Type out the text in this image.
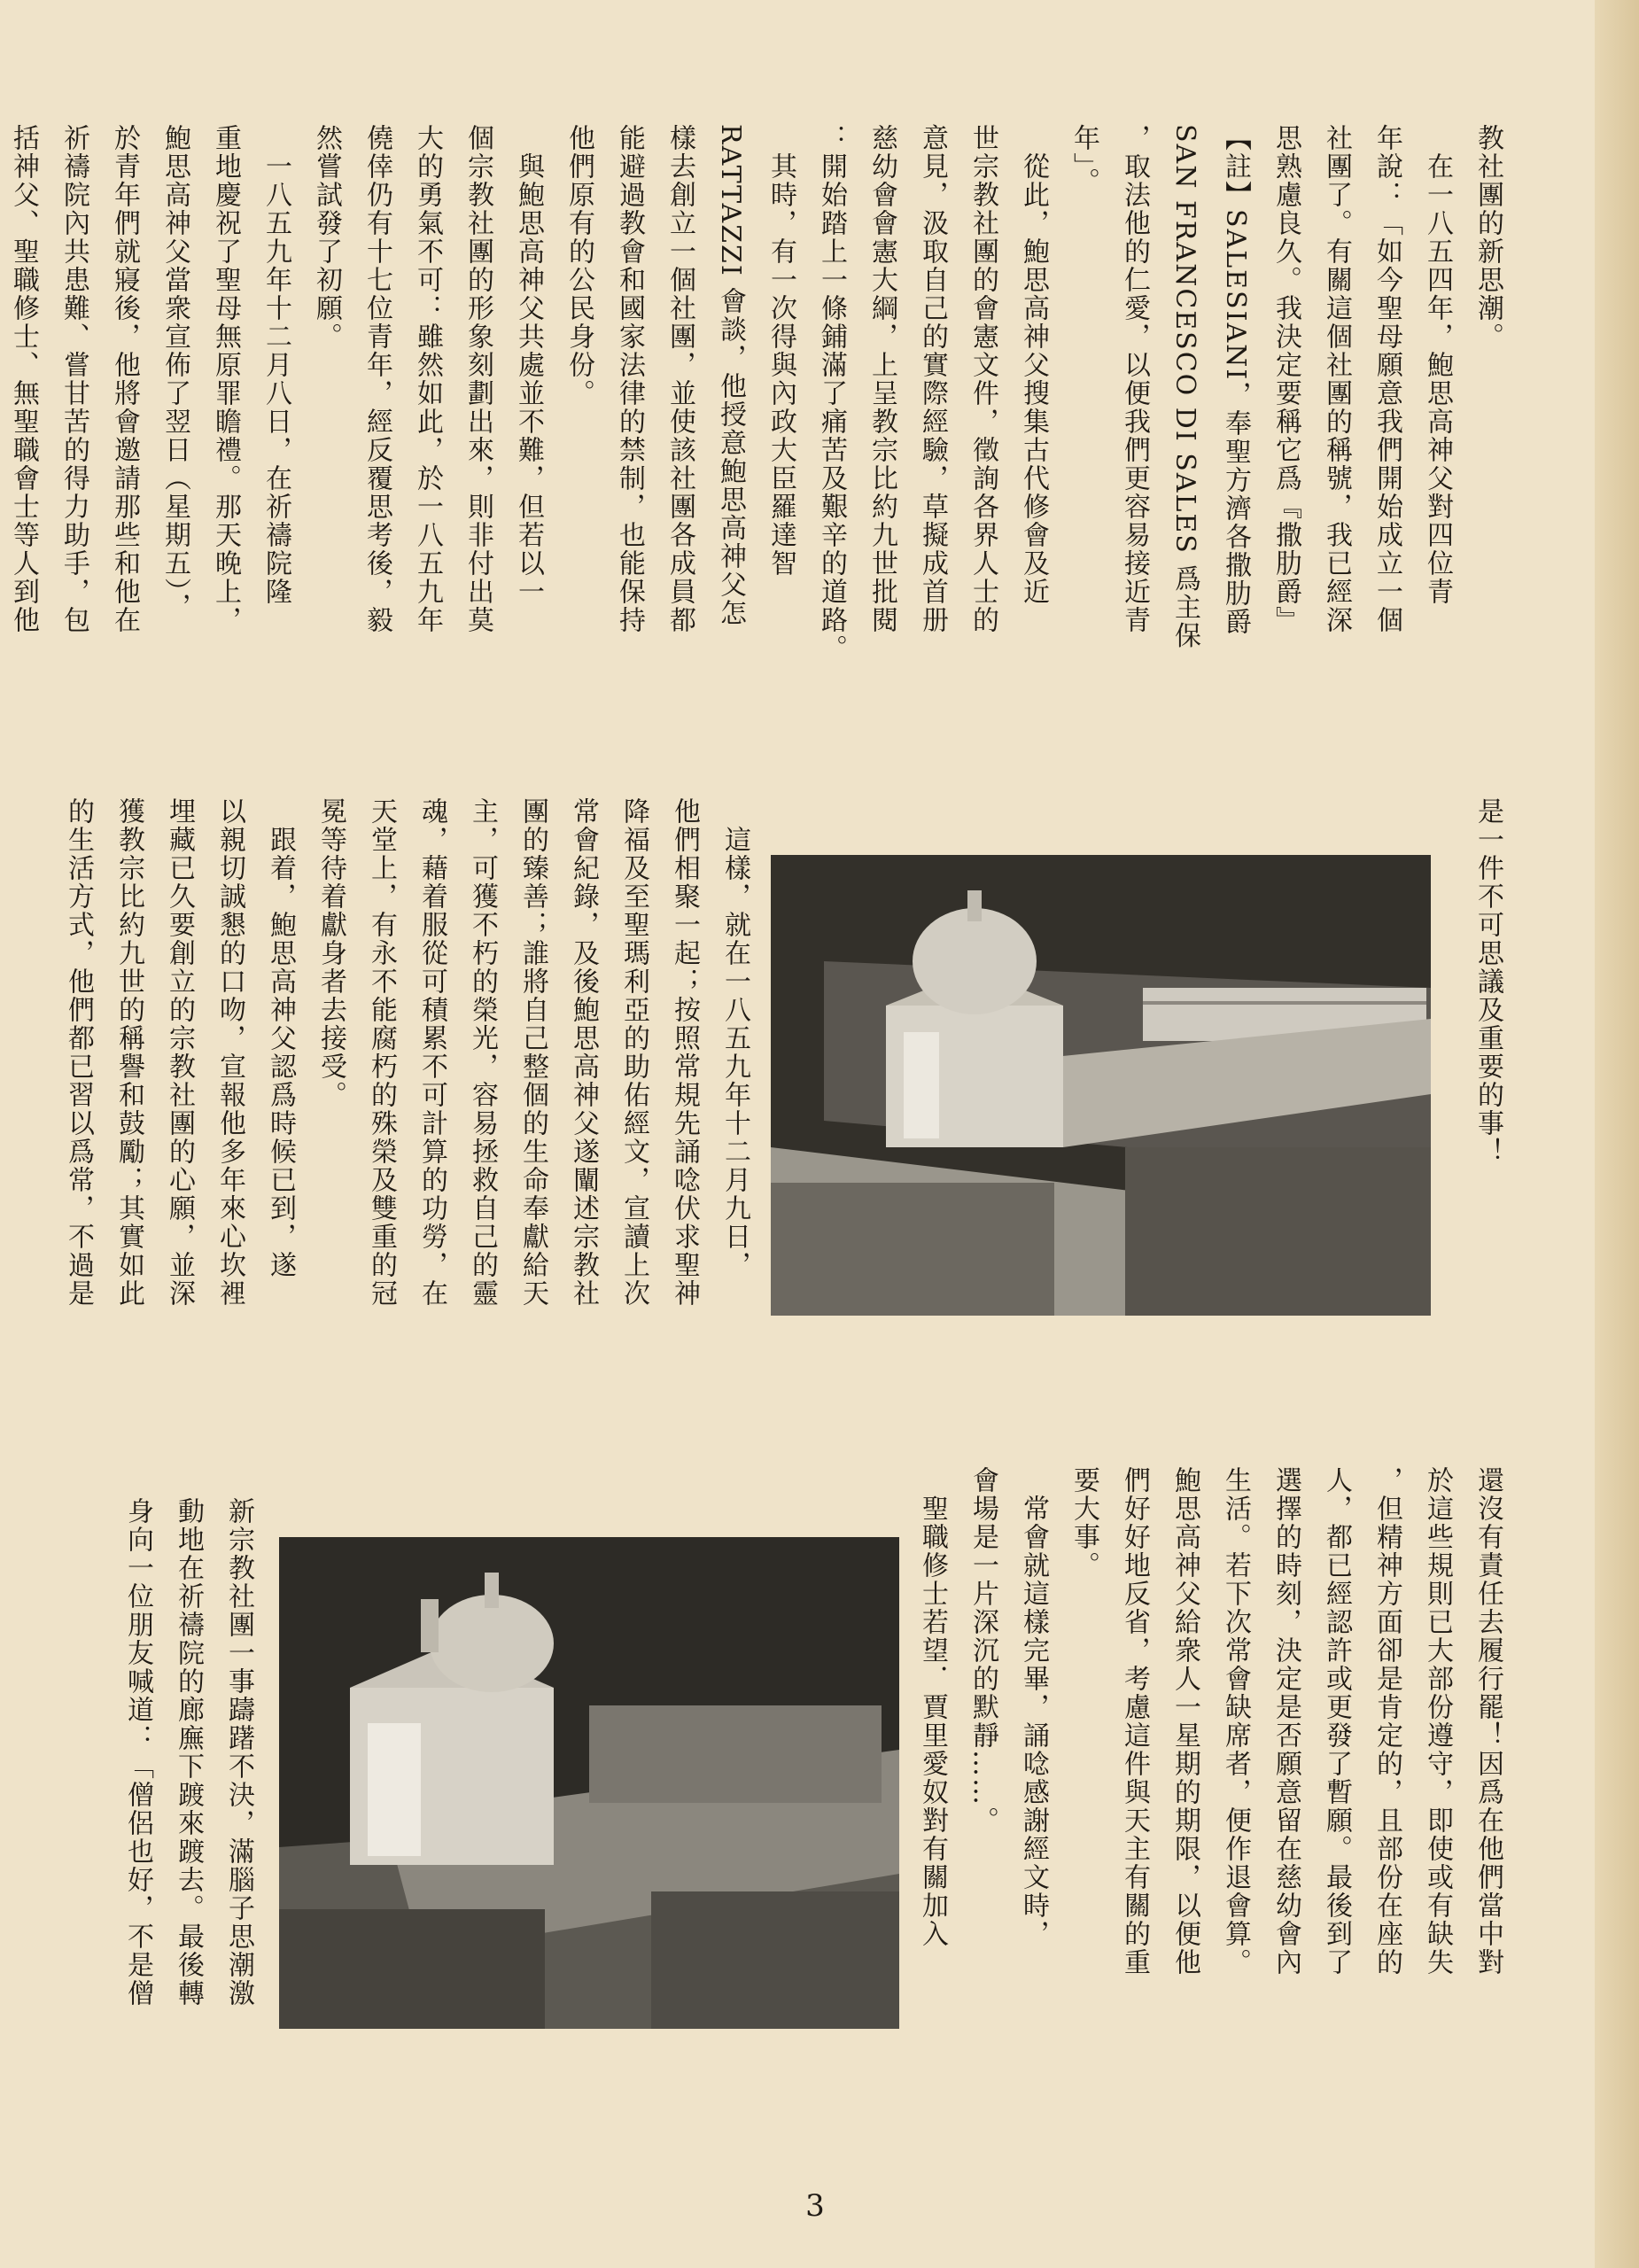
教社團的新思潮。
　在一八五四年，鮑思高神父對四位青
年說：「如今聖母願意我們開始成立一個
社團了。有關這個社團的稱號，我已經深
思熟慮良久。我決定要稱它爲『撒肋爵』
【註】SALESIANI，奉聖方濟各撒肋爵
SAN FRANCESCO DI SALES 爲主保
，取法他的仁愛，以便我們更容易接近青
年」。
　從此，鮑思高神父搜集古代修會及近
世宗教社團的會憲文件，徵詢各界人士的
意見，汲取自己的實際經驗，草擬成首册
慈幼會會憲大綱，上呈教宗比約九世批閱
：開始踏上一條鋪滿了痛苦及艱辛的道路。
　其時，有一次得與內政大臣羅達智
RATTAZZI 會談，他授意鮑思高神父怎
樣去創立一個社團，並使該社團各成員都
能避過教會和國家法律的禁制，也能保持
他們原有的公民身份。
　與鮑思高神父共處並不難，但若以一
個宗教社團的形象刻劃出來，則非付出莫
大的勇氣不可：雖然如此，於一八五九年
僥倖仍有十七位青年，經反覆思考後，毅
然嘗試發了初願。
　一八五九年十二月八日，在祈禱院隆
重地慶祝了聖母無原罪瞻禮。那天晚上，
鮑思高神父當衆宣佈了翌日（星期五），
於青年們就寢後，他將會邀請那些和他在
祈禱院內共患難、嘗甘苦的得力助手，包
括神父、聖職修士、無聖職會士等人到他

是一件不可思議及重要的事！
　這樣，就在一八五九年十二月九日，
他們相聚一起；按照常規先誦唸伏求聖神
降福及至聖瑪利亞的助佑經文，宣讀上次
常會紀錄，及後鮑思高神父遂闡述宗教社
團的臻善；誰將自己整個的生命奉獻給天
主，可獲不朽的榮光，容易拯救自己的靈
魂，藉着服從可積累不可計算的功勞，在
天堂上，有永不能腐朽的殊榮及雙重的冠
冕等待着獻身者去接受。
　跟着，鮑思高神父認爲時候已到，遂
以親切誠懇的口吻，宣報他多年來心坎裡
埋藏已久要創立的宗教社團的心願，並深
獲教宗比約九世的稱譽和鼓勵；其實如此
的生活方式，他們都已習以爲常，不過是
還沒有責任去履行罷！因爲在他們當中對
於這些規則已大部份遵守，即使或有缺失
，但精神方面卻是肯定的，且部份在座的
人，都已經認許或更發了暫願。最後到了
選擇的時刻，決定是否願意留在慈幼會內
生活。若下次常會缺席者，便作退會算。
鮑思高神父給衆人一星期的期限，以便他
們好好地反省，考慮這件與天主有關的重
要大事。
　常會就這樣完畢，誦唸感謝經文時，
會場是一片深沉的默靜……。
　聖職修士若望．賈里愛奴對有關加入
新宗教社團一事躊躇不決，滿腦子思潮激
動地在祈禱院的廊廡下踱來踱去。最後轉
身向一位朋友喊道：「僧侶也好，不是僧
3
